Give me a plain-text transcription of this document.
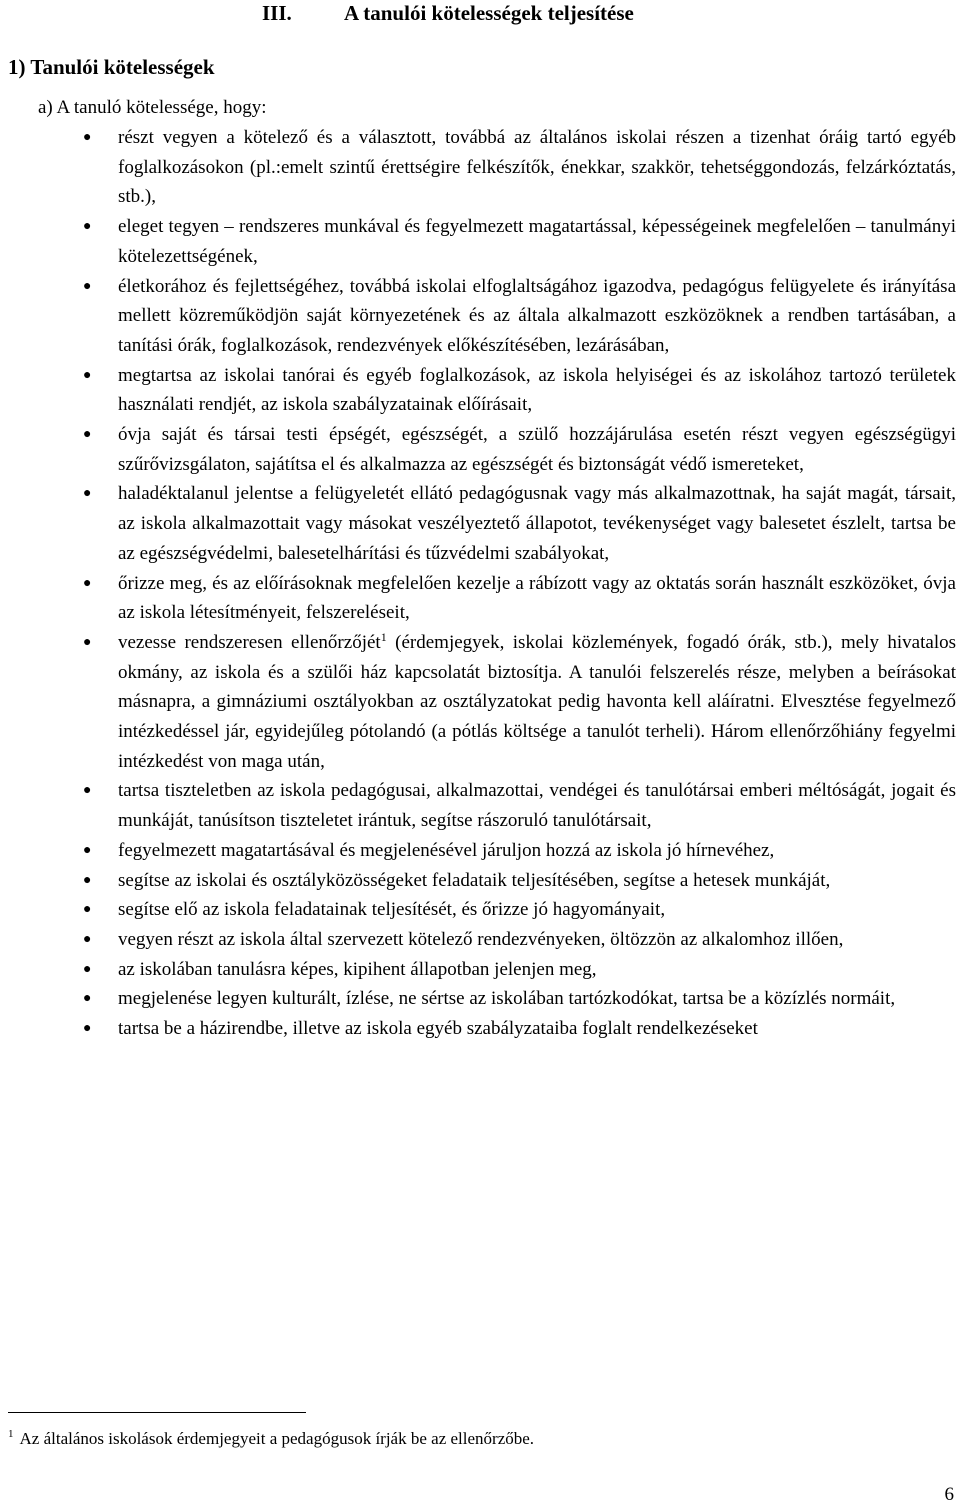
III. A tanulói kötelességek teljesítése
1) Tanulói kötelességek
a) A tanuló kötelessége, hogy:
● részt vegyen a kötelező és a választott, továbbá az általános iskolai részen a tizenhat óráig tartó egyéb foglalkozásokon (pl.:emelt szintű érettségire felkészítők, énekkar, szakkör, tehetséggondozás, felzárkóztatás, stb.),
● eleget tegyen – rendszeres munkával és fegyelmezett magatartással, képességeinek megfelelően – tanulmányi kötelezettségének,
● életkorához és fejlettségéhez, továbbá iskolai elfoglaltságához igazodva, pedagógus felügyelete és irányítása mellett közreműködjön saját környezetének és az általa alkalmazott eszközöknek a rendben tartásában, a tanítási órák, foglalkozások, rendezvények előkészítésében, lezárásában,
● megtartsa az iskolai tanórai és egyéb foglalkozások, az iskola helyiségei és az iskolához tartozó területek használati rendjét, az iskola szabályzatainak előírásait,
● óvja saját és társai testi épségét, egészségét, a szülő hozzájárulása esetén részt vegyen egészségügyi szűrővizsgálaton, sajátítsa el és alkalmazza az egészségét és biztonságát védő ismereteket,
● haladéktalanul jelentse a felügyeletét ellátó pedagógusnak vagy más alkalmazottnak, ha saját magát, társait, az iskola alkalmazottait vagy másokat veszélyeztető állapotot, tevékenységet vagy balesetet észlelt, tartsa be az egészségvédelmi, balesetelhárítási és tűzvédelmi szabályokat,
● őrizze meg, és az előírásoknak megfelelően kezelje a rábízott vagy az oktatás során használt eszközöket, óvja az iskola létesítményeit, felszereléseit,
● vezesse rendszeresen ellenőrzőjét$^1$ (érdemjegyek, iskolai közlemények, fogadó órák, stb.), mely hivatalos okmány, az iskola és a szülői ház kapcsolatát biztosítja. A tanulói felszerelés része, melyben a beírásokat másnapra, a gimnáziumi osztályokban az osztályzatokat pedig havonta kell aláíratni. Elvesztése fegyelmező intézkedéssel jár, egyidejűleg pótolandó (a pótlás költsége a tanulót terheli). Három ellenőrzőhiány fegyelmi intézkedést von maga után,
● tartsa tiszteletben az iskola pedagógusai, alkalmazottai, vendégei és tanulótársai emberi méltóságát, jogait és munkáját, tanúsítson tiszteletet irántuk, segítse rászoruló tanulótársait,
● fegyelmezett magatartásával és megjelenésével járuljon hozzá az iskola jó hírnevéhez,
● segítse az iskolai és osztályközösségeket feladataik teljesítésében, segítse a hetesek munkáját,
● segítse elő az iskola feladatainak teljesítését, és őrizze jó hagyományait,
● vegyen részt az iskola által szervezett kötelező rendezvényeken, öltözzön az alkalomhoz illően,
● az iskolában tanulásra képes, kipihent állapotban jelenjen meg,
● megjelenése legyen kulturált, ízlése, ne sértse az iskolában tartózkodókat, tartsa be a közízlés normáit,
● tartsa be a házirendbe, illetve az iskola egyéb szabályzataiba foglalt rendelkezéseket
$^1$ Az általános iskolások érdemjegyeit a pedagógusok írják be az ellenőrzőbe.
6
